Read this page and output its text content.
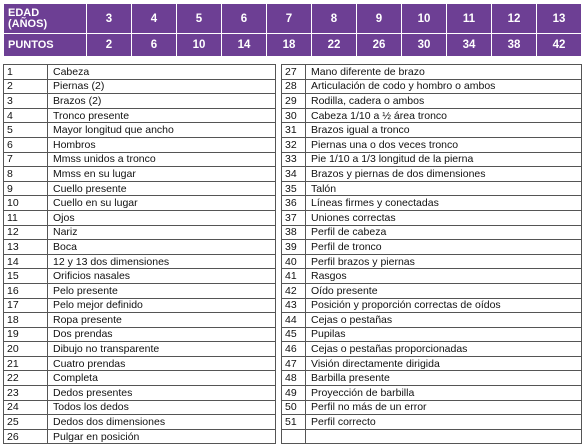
EDAD
(AÑOS)	3	4	5	6	7	8	9	10	11	12	13
PUNTOS	2	6	10	14	18	22	26	30	34	38	42
1	Cabeza		27	Mano diferente de brazo
2	Piernas (2)		28	Articulación de codo y hombro o ambos
3	Brazos (2)		29	Rodilla, cadera o ambos
4	Tronco presente		30	Cabeza 1/10 a ½ área tronco
5	Mayor longitud que ancho		31	Brazos igual a tronco
6	Hombros		32	Piernas una o dos veces tronco
7	Mmss unidos a tronco		33	Pie 1/10 a 1/3 longitud de la pierna
8	Mmss en su lugar		34	Brazos y piernas de dos dimensiones
9	Cuello presente		35	Talón
10	Cuello en su lugar		36	Líneas firmes y conectadas
11	Ojos		37	Uniones correctas
12	Nariz		38	Perfil de cabeza
13	Boca		39	Perfil de tronco
14	12 y 13 dos dimensiones		40	Perfil brazos y piernas
15	Orificios nasales		41	Rasgos
16	Pelo presente		42	Oído presente
17	Pelo mejor definido		43	Posición y proporción correctas de oídos
18	Ropa presente		44	Cejas o pestañas
19	Dos prendas		45	Pupilas
20	Dibujo no transparente		46	Cejas o pestañas proporcionadas
21	Cuatro prendas		47	Visión directamente dirigida
22	Completa		48	Barbilla presente
23	Dedos presentes		49	Proyección de barbilla
24	Todos los dedos		50	Perfil no más de un error
25	Dedos dos dimensiones		51	Perfil correcto
26	Pulgar en posición			
